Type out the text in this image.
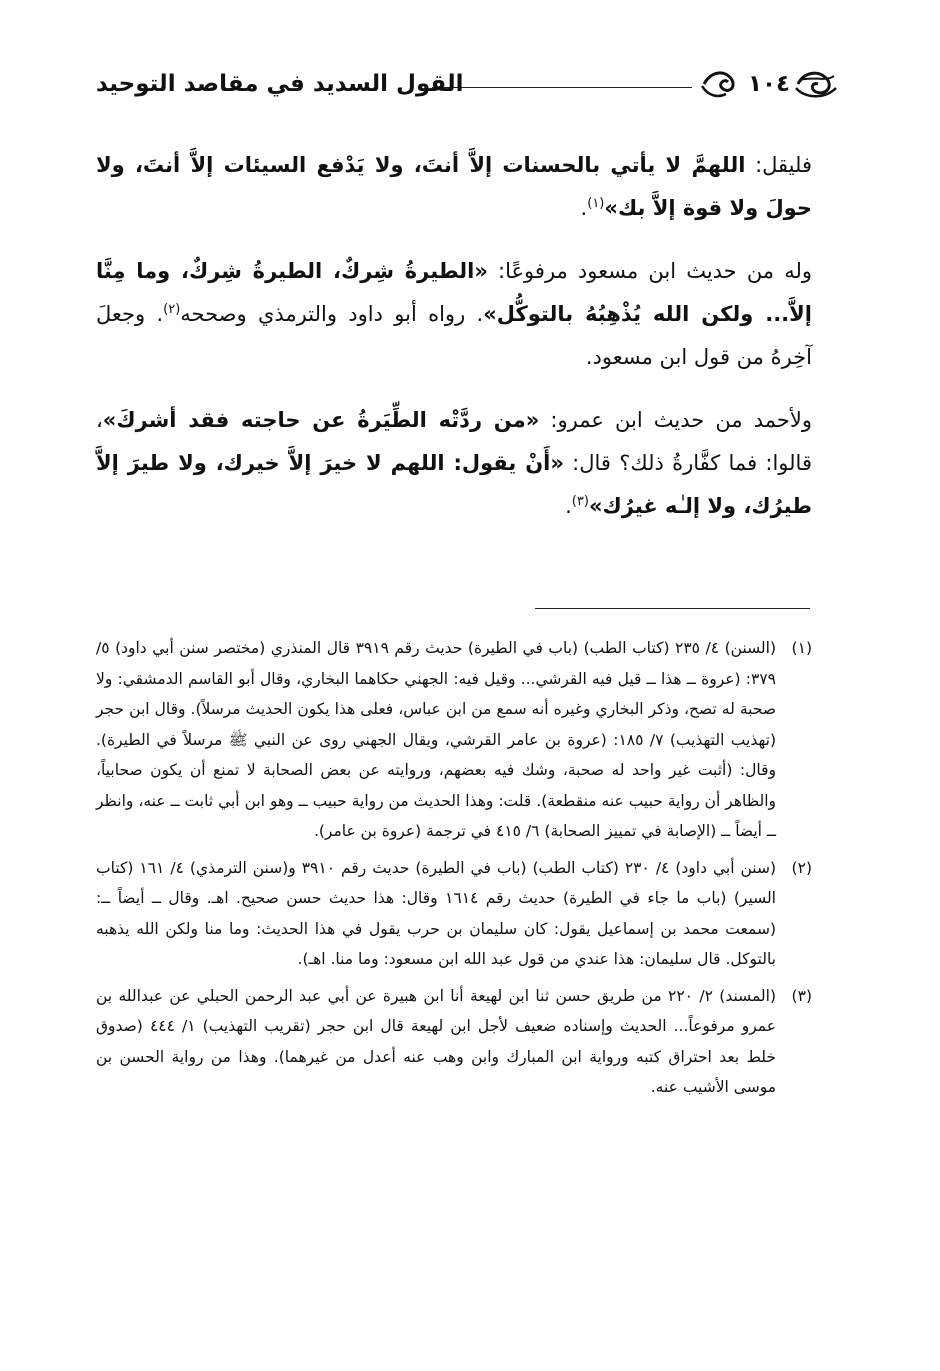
١٠٤
القول السديد في مقاصد التوحيد

فليقل: اللهمَّ لا يأتي بالحسنات إلاَّ أنتَ، ولا يَدْفع السيئات إلاَّ أنتَ، ولا حولَ ولا قوة إلاَّ بك»$^{(١)}$.

وله من حديث ابن مسعود مرفوعًا: «الطيرةُ شِركٌ، الطيرةُ شِركٌ، وما مِنَّا إلاَّ... ولكن الله يُذْهِبُهُ بالتوكُّل». رواه أبو داود والترمذي وصححه$^{(٢)}$. وجعلَ آخِرهُ من قول ابن مسعود.

ولأحمد من حديث ابن عمرو: «من ردَّتْه الطِّيَرةُ عن حاجته فقد أشركَ»، قالوا: فما كفَّارةُ ذلك؟ قال: «أَنْ يقول: اللهم لا خيرَ إلاَّ خيرك، ولا طيرَ إلاَّ طيرُك، ولا إلـٰه غيرُك»$^{(٣)}$.

(١)
(السنن) ٤/ ٢٣٥ (كتاب الطب) (باب في الطيرة) حديث رقم ٣٩١٩ قال المنذري (مختصر سنن أبي داود) ٥/ ٣٧٩: (عروة ــ هذا ــ قيل فيه القرشي... وقيل فيه: الجهني حكاهما البخاري، وقال أبو القاسم الدمشقي: ولا صحبة له تصح، وذكر البخاري وغيره أنه سمع من ابن عباس، فعلى هذا يكون الحديث مرسلاً). وقال ابن حجر (تهذيب التهذيب) ٧/ ١٨٥: (عروة بن عامر القرشي، ويقال الجهني روى عن النبي ﷺ مرسلاً في الطيرة). وقال: (أثبت غير واحد له صحبة، وشك فيه بعضهم، وروايته عن بعض الصحابة لا تمنع أن يكون صحابياً، والظاهر أن رواية حبيب عنه منقطعة). قلت: وهذا الحديث من رواية حبيب ــ وهو ابن أبي ثابت ــ عنه، وانظر ــ أيضاً ــ (الإصابة في تمييز الصحابة) ٦/ ٤١٥ في ترجمة (عروة بن عامر).

(٢)
(سنن أبي داود) ٤/ ٢٣٠ (كتاب الطب) (باب في الطيرة) حديث رقم ٣٩١٠ و(سنن الترمذي) ٤/ ١٦١ (كتاب السير) (باب ما جاء في الطيرة) حديث رقم ١٦١٤ وقال: هذا حديث حسن صحيح. اهـ. وقال ــ أيضاً ــ: (سمعت محمد بن إسماعيل يقول: كان سليمان بن حرب يقول في هذا الحديث: وما منا ولكن الله يذهبه بالتوكل. قال سليمان: هذا عندي من قول عبد الله ابن مسعود: وما منا. اهـ).

(٣)
(المسند) ٢/ ٢٢٠ من طريق حسن ثنا ابن لهيعة أنا ابن هبيرة عن أبي عبد الرحمن الحبلي عن عبدالله بن عمرو مرفوعاً... الحديث وإسناده ضعيف لأجل ابن لهيعة قال ابن حجر (تقريب التهذيب) ١/ ٤٤٤ (صدوق خلط بعد احتراق كتبه ورواية ابن المبارك وابن وهب عنه أعدل من غيرهما). وهذا من رواية الحسن بن موسى الأشيب عنه.
